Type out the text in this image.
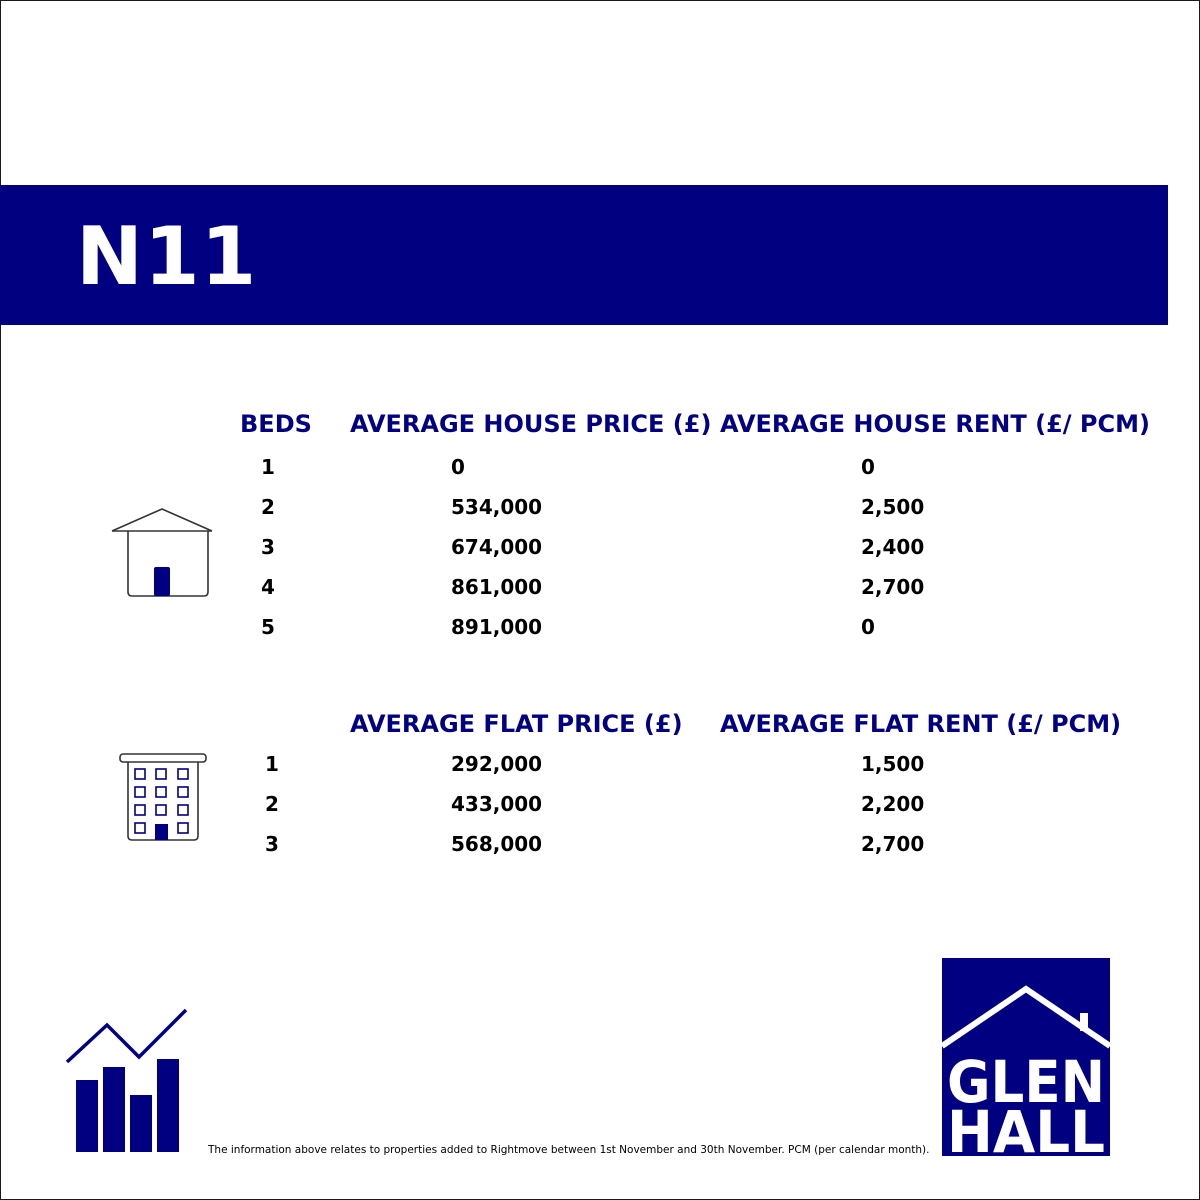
N11
BEDS AVERAGE HOUSE PRICE (£) AVERAGE HOUSE RENT (£/ PCM)
1	0	0
2	534,000	2,500
3	674,000	2,400
4	861,000	2,700
5	891,000	0
AVERAGE FLAT PRICE (£) AVERAGE FLAT RENT (£/ PCM)
1	292,000	1,500
2	433,000	2,200
3	568,000	2,700
The information above relates to properties added to Rightmove between 1st November and 30th November. PCM (per calendar month).
GLEN
HALL
